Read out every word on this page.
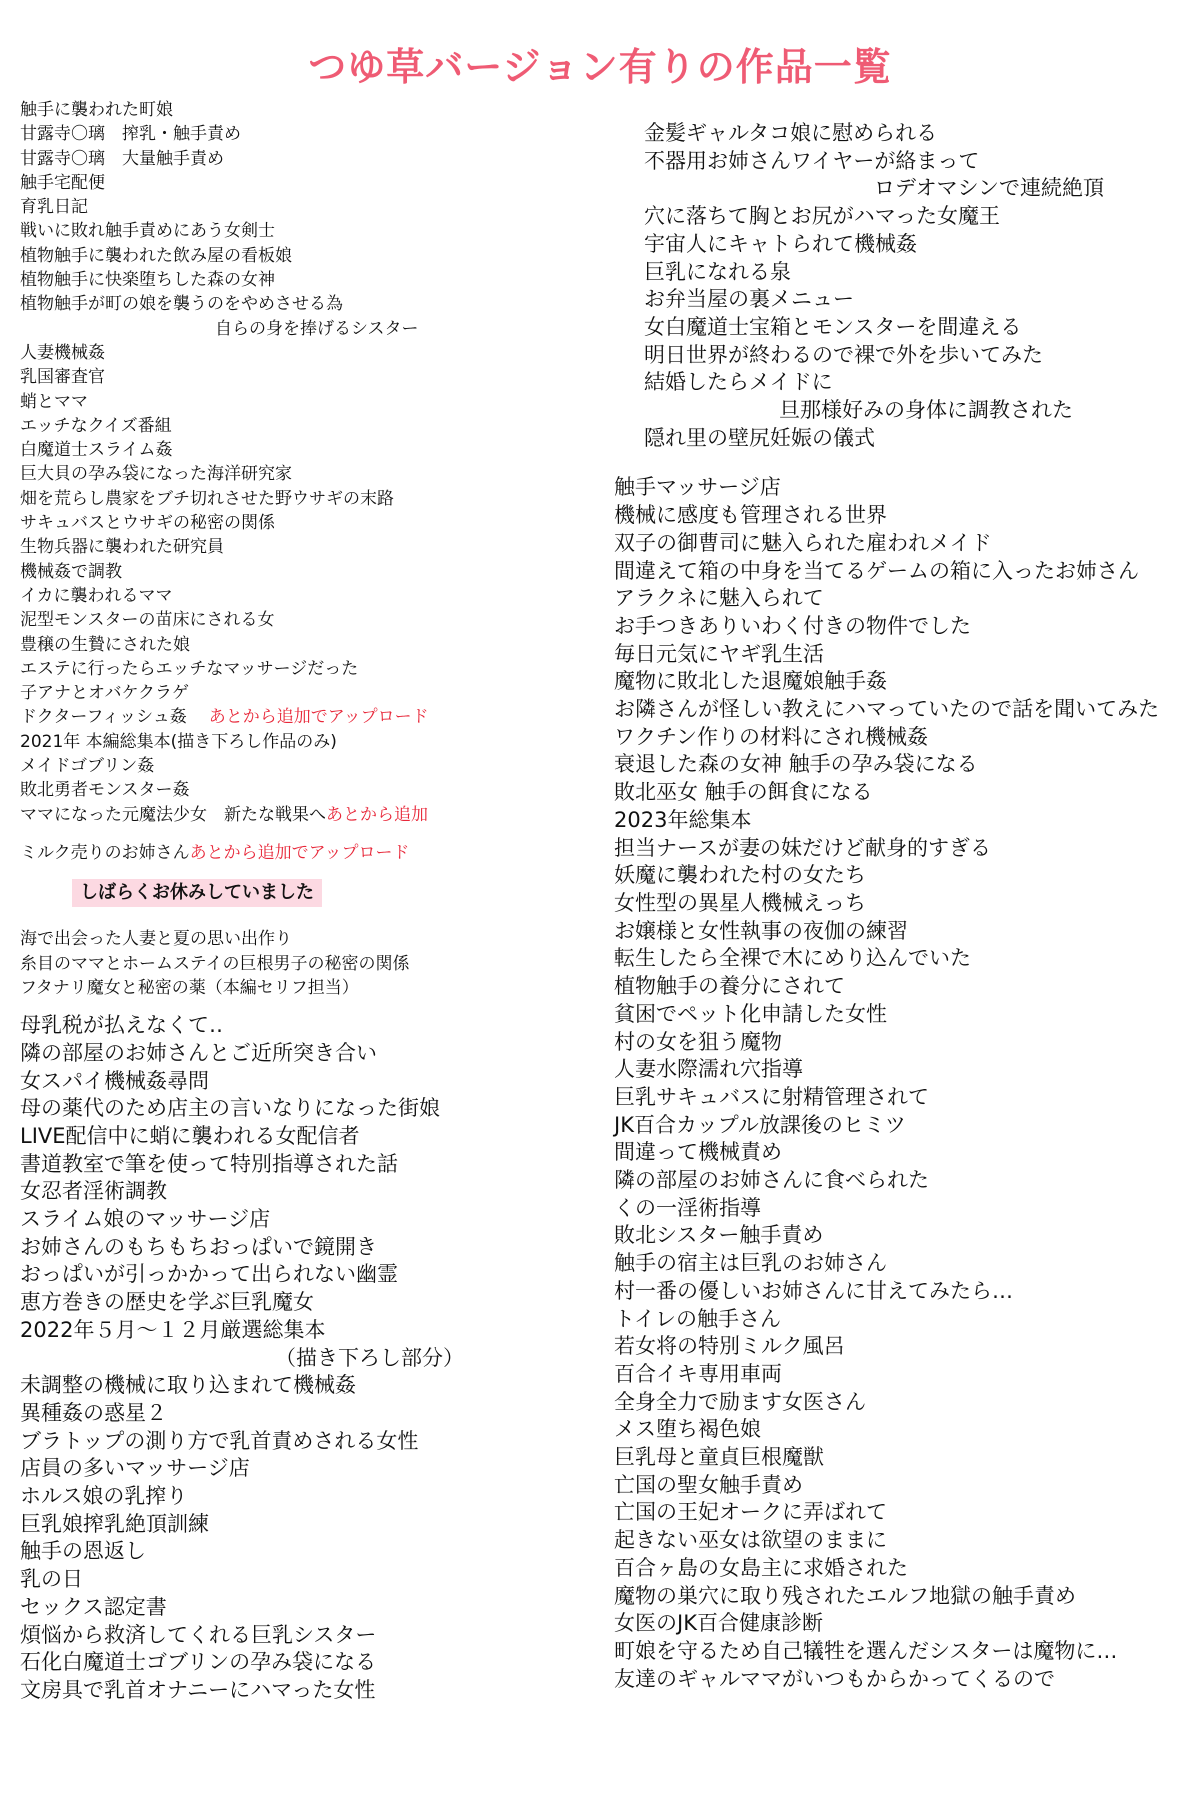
つゆ草バージョン有りの作品一覧
触手に襲われた町娘
甘露寺〇璃　搾乳・触手責め
甘露寺〇璃　大量触手責め
触手宅配便
育乳日記
戦いに敗れ触手責めにあう女剣士
植物触手に襲われた飲み屋の看板娘
植物触手に快楽堕ちした森の女神
植物触手が町の娘を襲うのをやめさせる為
自らの身を捧げるシスター
人妻機械姦
乳国審査官
蛸とママ
エッチなクイズ番組
白魔道士スライム姦
巨大貝の孕み袋になった海洋研究家
畑を荒らし農家をブチ切れさせた野ウサギの末路
サキュバスとウサギの秘密の関係
生物兵器に襲われた研究員
機械姦で調教
イカに襲われるママ
泥型モンスターの苗床にされる女
豊穣の生贄にされた娘
エステに行ったらエッチなマッサージだった
子アナとオバケクラゲ
ドクターフィッシュ姦 あとから追加でアップロード
2021年 本編総集本(描き下ろし作品のみ)
メイドゴブリン姦
敗北勇者モンスター姦
ママになった元魔法少女　新たな戦果へあとから追加
ミルク売りのお姉さんあとから追加でアップロード
しばらくお休みしていました
海で出会った人妻と夏の思い出作り
糸目のママとホームステイの巨根男子の秘密の関係
フタナリ魔女と秘密の薬（本編セリフ担当）
母乳税が払えなくて‥
隣の部屋のお姉さんとご近所突き合い
女スパイ機械姦尋問
母の薬代のため店主の言いなりになった街娘
LIVE配信中に蛸に襲われる女配信者
書道教室で筆を使って特別指導された話
女忍者淫術調教
スライム娘のマッサージ店
お姉さんのもちもちおっぱいで鏡開き
おっぱいが引っかかって出られない幽霊
恵方巻きの歴史を学ぶ巨乳魔女
2022年５月～１２月厳選総集本
（描き下ろし部分）
未調整の機械に取り込まれて機械姦
異種姦の惑星２
ブラトップの測り方で乳首責めされる女性
店員の多いマッサージ店
ホルス娘の乳搾り
巨乳娘搾乳絶頂訓練
触手の恩返し
乳の日
セックス認定書
煩悩から救済してくれる巨乳シスター
石化白魔道士ゴブリンの孕み袋になる
文房具で乳首オナニーにハマった女性
金髪ギャルタコ娘に慰められる
不器用お姉さんワイヤーが絡まって
ロデオマシンで連続絶頂
穴に落ちて胸とお尻がハマった女魔王
宇宙人にキャトられて機械姦
巨乳になれる泉
お弁当屋の裏メニュー
女白魔道士宝箱とモンスターを間違える
明日世界が終わるので裸で外を歩いてみた
結婚したらメイドに
旦那様好みの身体に調教された
隠れ里の壁尻妊娠の儀式
触手マッサージ店
機械に感度も管理される世界
双子の御曹司に魅入られた雇われメイド
間違えて箱の中身を当てるゲームの箱に入ったお姉さん
アラクネに魅入られて
お手つきありいわく付きの物件でした
毎日元気にヤギ乳生活
魔物に敗北した退魔娘触手姦
お隣さんが怪しい教えにハマっていたので話を聞いてみた
ワクチン作りの材料にされ機械姦
衰退した森の女神 触手の孕み袋になる
敗北巫女 触手の餌食になる
2023年総集本
担当ナースが妻の妹だけど献身的すぎる
妖魔に襲われた村の女たち
女性型の異星人機械えっち
お嬢様と女性執事の夜伽の練習
転生したら全裸で木にめり込んでいた
植物触手の養分にされて
貧困でペット化申請した女性
村の女を狙う魔物
人妻水際濡れ穴指導
巨乳サキュバスに射精管理されて
JK百合カップル放課後のヒミツ
間違って機械責め
隣の部屋のお姉さんに食べられた
くの一淫術指導
敗北シスター触手責め
触手の宿主は巨乳のお姉さん
村一番の優しいお姉さんに甘えてみたら…
トイレの触手さん
若女将の特別ミルク風呂
百合イキ専用車両
全身全力で励ます女医さん
メス堕ち褐色娘
巨乳母と童貞巨根魔獣
亡国の聖女触手責め
亡国の王妃オークに弄ばれて
起きない巫女は欲望のままに
百合ヶ島の女島主に求婚された
魔物の巣穴に取り残されたエルフ地獄の触手責め
女医のJK百合健康診断
町娘を守るため自己犠牲を選んだシスターは魔物に…
友達のギャルママがいつもからかってくるので
